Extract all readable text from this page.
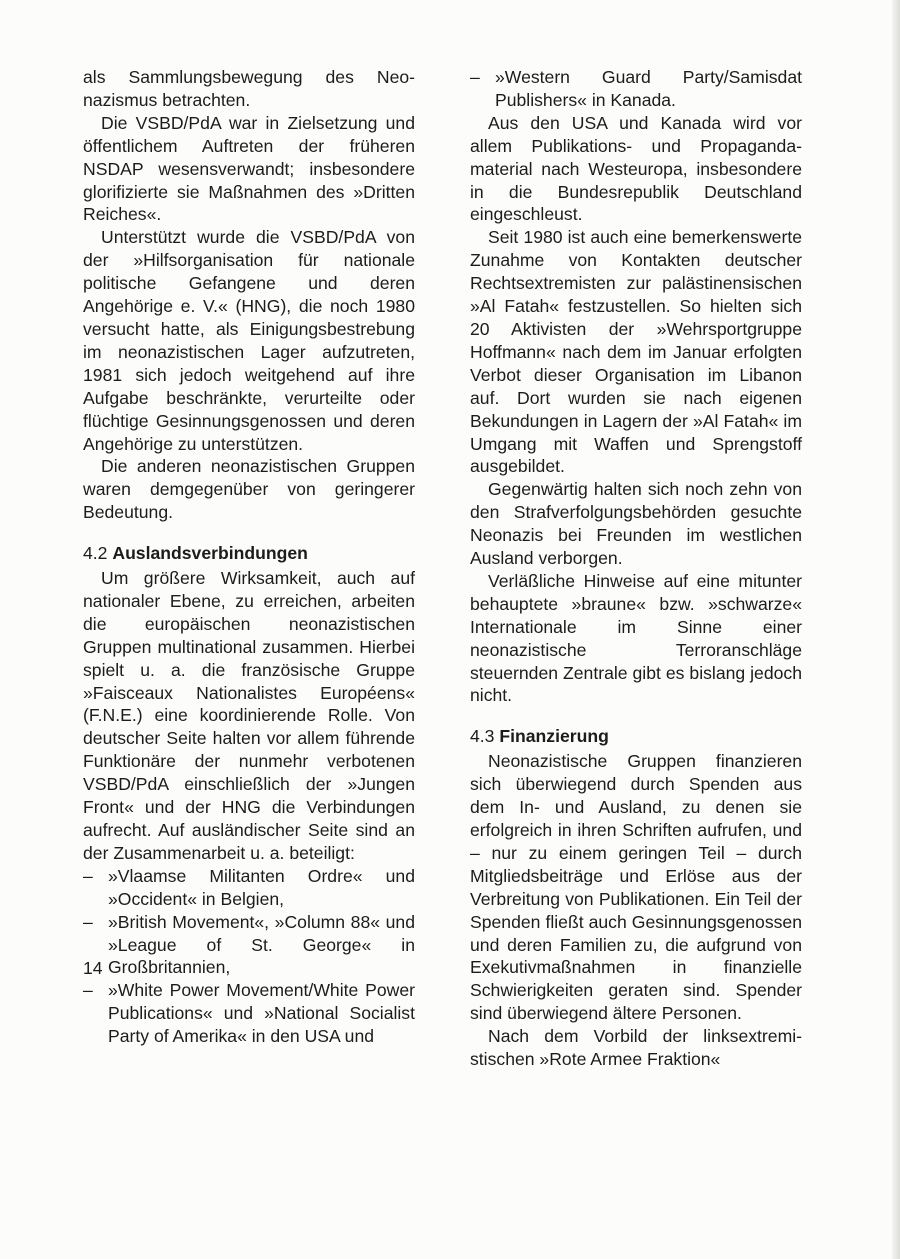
als Sammlungsbewegung des Neonazismus betrachten.

Die VSBD/PdA war in Zielsetzung und öffentlichem Auftreten der früheren NSDAP wesensverwandt; insbesondere glorifizierte sie Maßnahmen des »Dritten Reiches«.

Unterstützt wurde die VSBD/PdA von der »Hilfsorganisation für nationale politische Gefangene und deren Angehörige e. V.« (HNG), die noch 1980 versucht hatte, als Einigungsbestrebung im neonazistischen Lager aufzutreten, 1981 sich jedoch weitgehend auf ihre Aufgabe beschränkte, verurteilte oder flüchtige Gesinnungsgenossen und deren Angehörige zu unterstützen.

Die anderen neonazistischen Gruppen waren demgegenüber von geringerer Bedeutung.

4.2 Auslandsverbindungen

Um größere Wirksamkeit, auch auf nationaler Ebene, zu erreichen, arbeiten die europäischen neonazistischen Gruppen multinational zusammen. Hierbei spielt u. a. die französische Gruppe »Faisceaux Nationalistes Européens« (F.N.E.) eine koordinierende Rolle. Von deutscher Seite halten vor allem führende Funktionäre der nunmehr verbotenen VSBD/PdA einschließlich der »Jungen Front« und der HNG die Verbindungen aufrecht. Auf ausländischer Seite sind an der Zusammenarbeit u. a. beteiligt:

– »Vlaamse Militanten Ordre« und »Occident« in Belgien,
– »British Movement«, »Column 88« und »League of St. George« in Großbritannien,
– »White Power Movement/White Power Publications« und »National Socialist Party of Amerika« in den USA und
– »Western Guard Party/Samisdat Publishers« in Kanada.

Aus den USA und Kanada wird vor allem Publikations- und Propagandamaterial nach Westeuropa, insbesondere in die Bundesrepublik Deutschland eingeschleust.

Seit 1980 ist auch eine bemerkenswerte Zunahme von Kontakten deutscher Rechtsextremisten zur palästinensischen »Al Fatah« festzustellen. So hielten sich 20 Aktivisten der »Wehrsportgruppe Hoffmann« nach dem im Januar erfolgten Verbot dieser Organisation im Libanon auf. Dort wurden sie nach eigenen Bekundungen in Lagern der »Al Fatah« im Umgang mit Waffen und Sprengstoff ausgebildet.

Gegenwärtig halten sich noch zehn von den Strafverfolgungsbehörden gesuchte Neonazis bei Freunden im westlichen Ausland verborgen.

Verläßliche Hinweise auf eine mitunter behauptete »braune« bzw. »schwarze« Internationale im Sinne einer neonazistische Terroranschläge steuernden Zentrale gibt es bislang jedoch nicht.

4.3 Finanzierung

Neonazistische Gruppen finanzieren sich überwiegend durch Spenden aus dem In- und Ausland, zu denen sie erfolgreich in ihren Schriften aufrufen, und – nur zu einem geringen Teil – durch Mitgliedsbeiträge und Erlöse aus der Verbreitung von Publikationen. Ein Teil der Spenden fließt auch Gesinnungsgenossen und deren Familien zu, die aufgrund von Exekutivmaßnahmen in finanzielle Schwierigkeiten geraten sind. Spender sind überwiegend ältere Personen.

Nach dem Vorbild der linksextremistischen »Rote Armee Fraktion«

14
